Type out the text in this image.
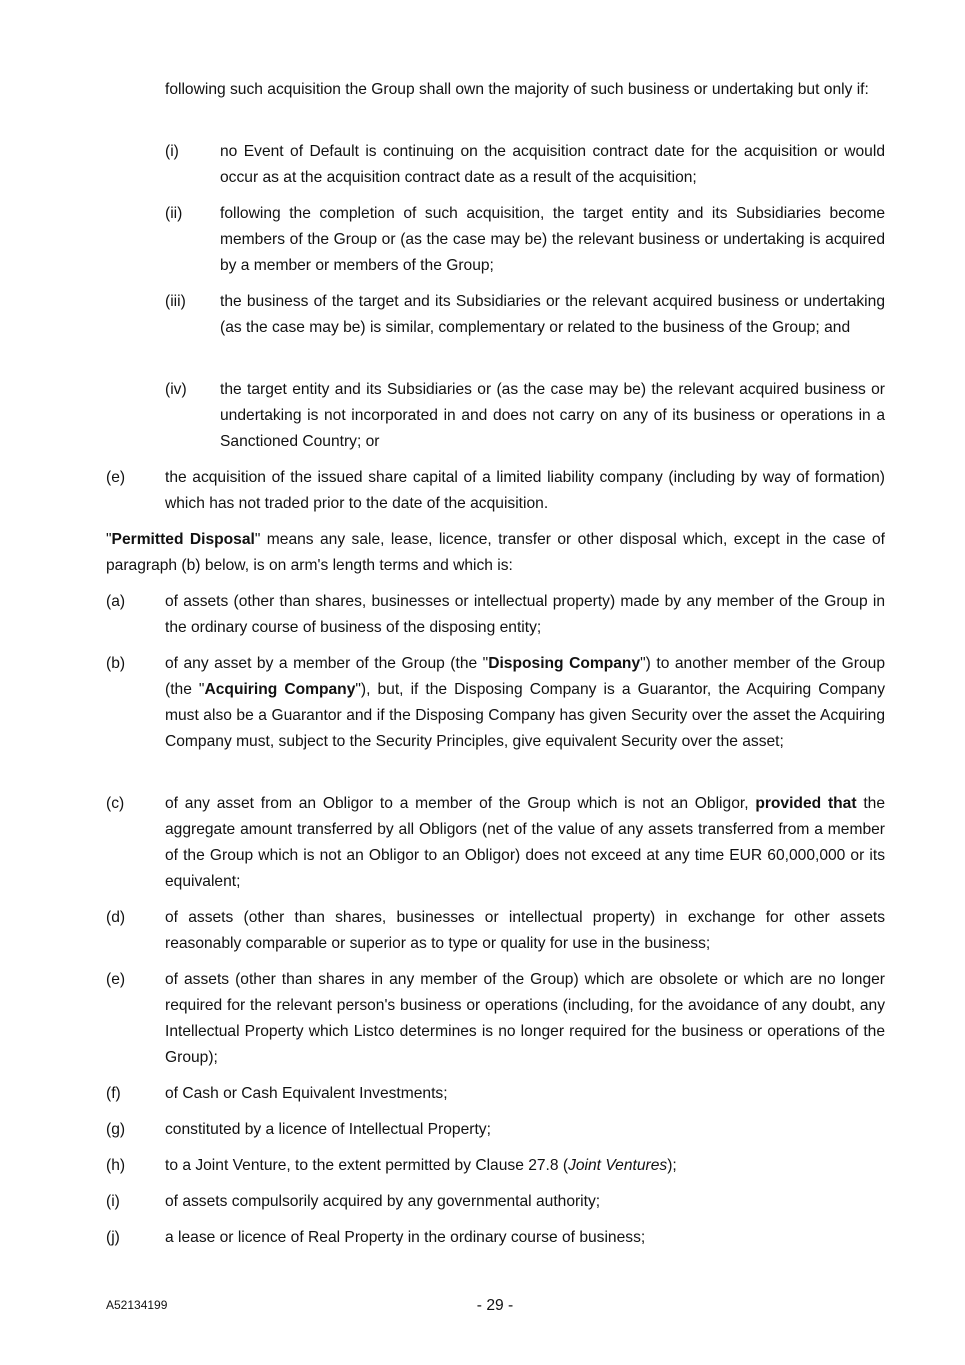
following such acquisition the Group shall own the majority of such business or undertaking but only if:

(i)	no Event of Default is continuing on the acquisition contract date for the acquisition or would occur as at the acquisition contract date as a result of the acquisition;

(ii) following the completion of such acquisition, the target entity and its Subsidiaries become members of the Group or (as the case may be) the relevant business or undertaking is acquired by a member or members of the Group;

(iii) the business of the target and its Subsidiaries or the relevant acquired business or undertaking (as the case may be) is similar, complementary or related to the business of the Group; and

(iv) the target entity and its Subsidiaries or (as the case may be) the relevant acquired business or undertaking is not incorporated in and does not carry on any of its business or operations in a Sanctioned Country; or

(e)	the acquisition of the issued share capital of a limited liability company (including by way of formation) which has not traded prior to the date of the acquisition.

"Permitted Disposal" means any sale, lease, licence, transfer or other disposal which, except in the case of paragraph (b) below, is on arm's length terms and which is:

(a)	of assets (other than shares, businesses or intellectual property) made by any member of the Group in the ordinary course of business of the disposing entity;

(b)	of any asset by a member of the Group (the "Disposing Company") to another member of the Group (the "Acquiring Company"), but, if the Disposing Company is a Guarantor, the Acquiring Company must also be a Guarantor and if the Disposing Company has given Security over the asset the Acquiring Company must, subject to the Security Principles, give equivalent Security over the asset;

(c)	of any asset from an Obligor to a member of the Group which is not an Obligor, provided that the aggregate amount transferred by all Obligors (net of the value of any assets transferred from a member of the Group which is not an Obligor to an Obligor) does not exceed at any time EUR 60,000,000 or its equivalent;

(d)	of assets (other than shares, businesses or intellectual property) in exchange for other assets reasonably comparable or superior as to type or quality for use in the business;

(e)	of assets (other than shares in any member of the Group) which are obsolete or which are no longer required for the relevant person's business or operations (including, for the avoidance of any doubt, any Intellectual Property which Listco determines is no longer required for the business or operations of the Group);

(f)	of Cash or Cash Equivalent Investments;

(g)	constituted by a licence of Intellectual Property;

(h)	to a Joint Venture, to the extent permitted by Clause 27.8 (Joint Ventures);

(i)	of assets compulsorily acquired by any governmental authority;

(j)	a lease or licence of Real Property in the ordinary course of business;

A52134199	- 29 -
